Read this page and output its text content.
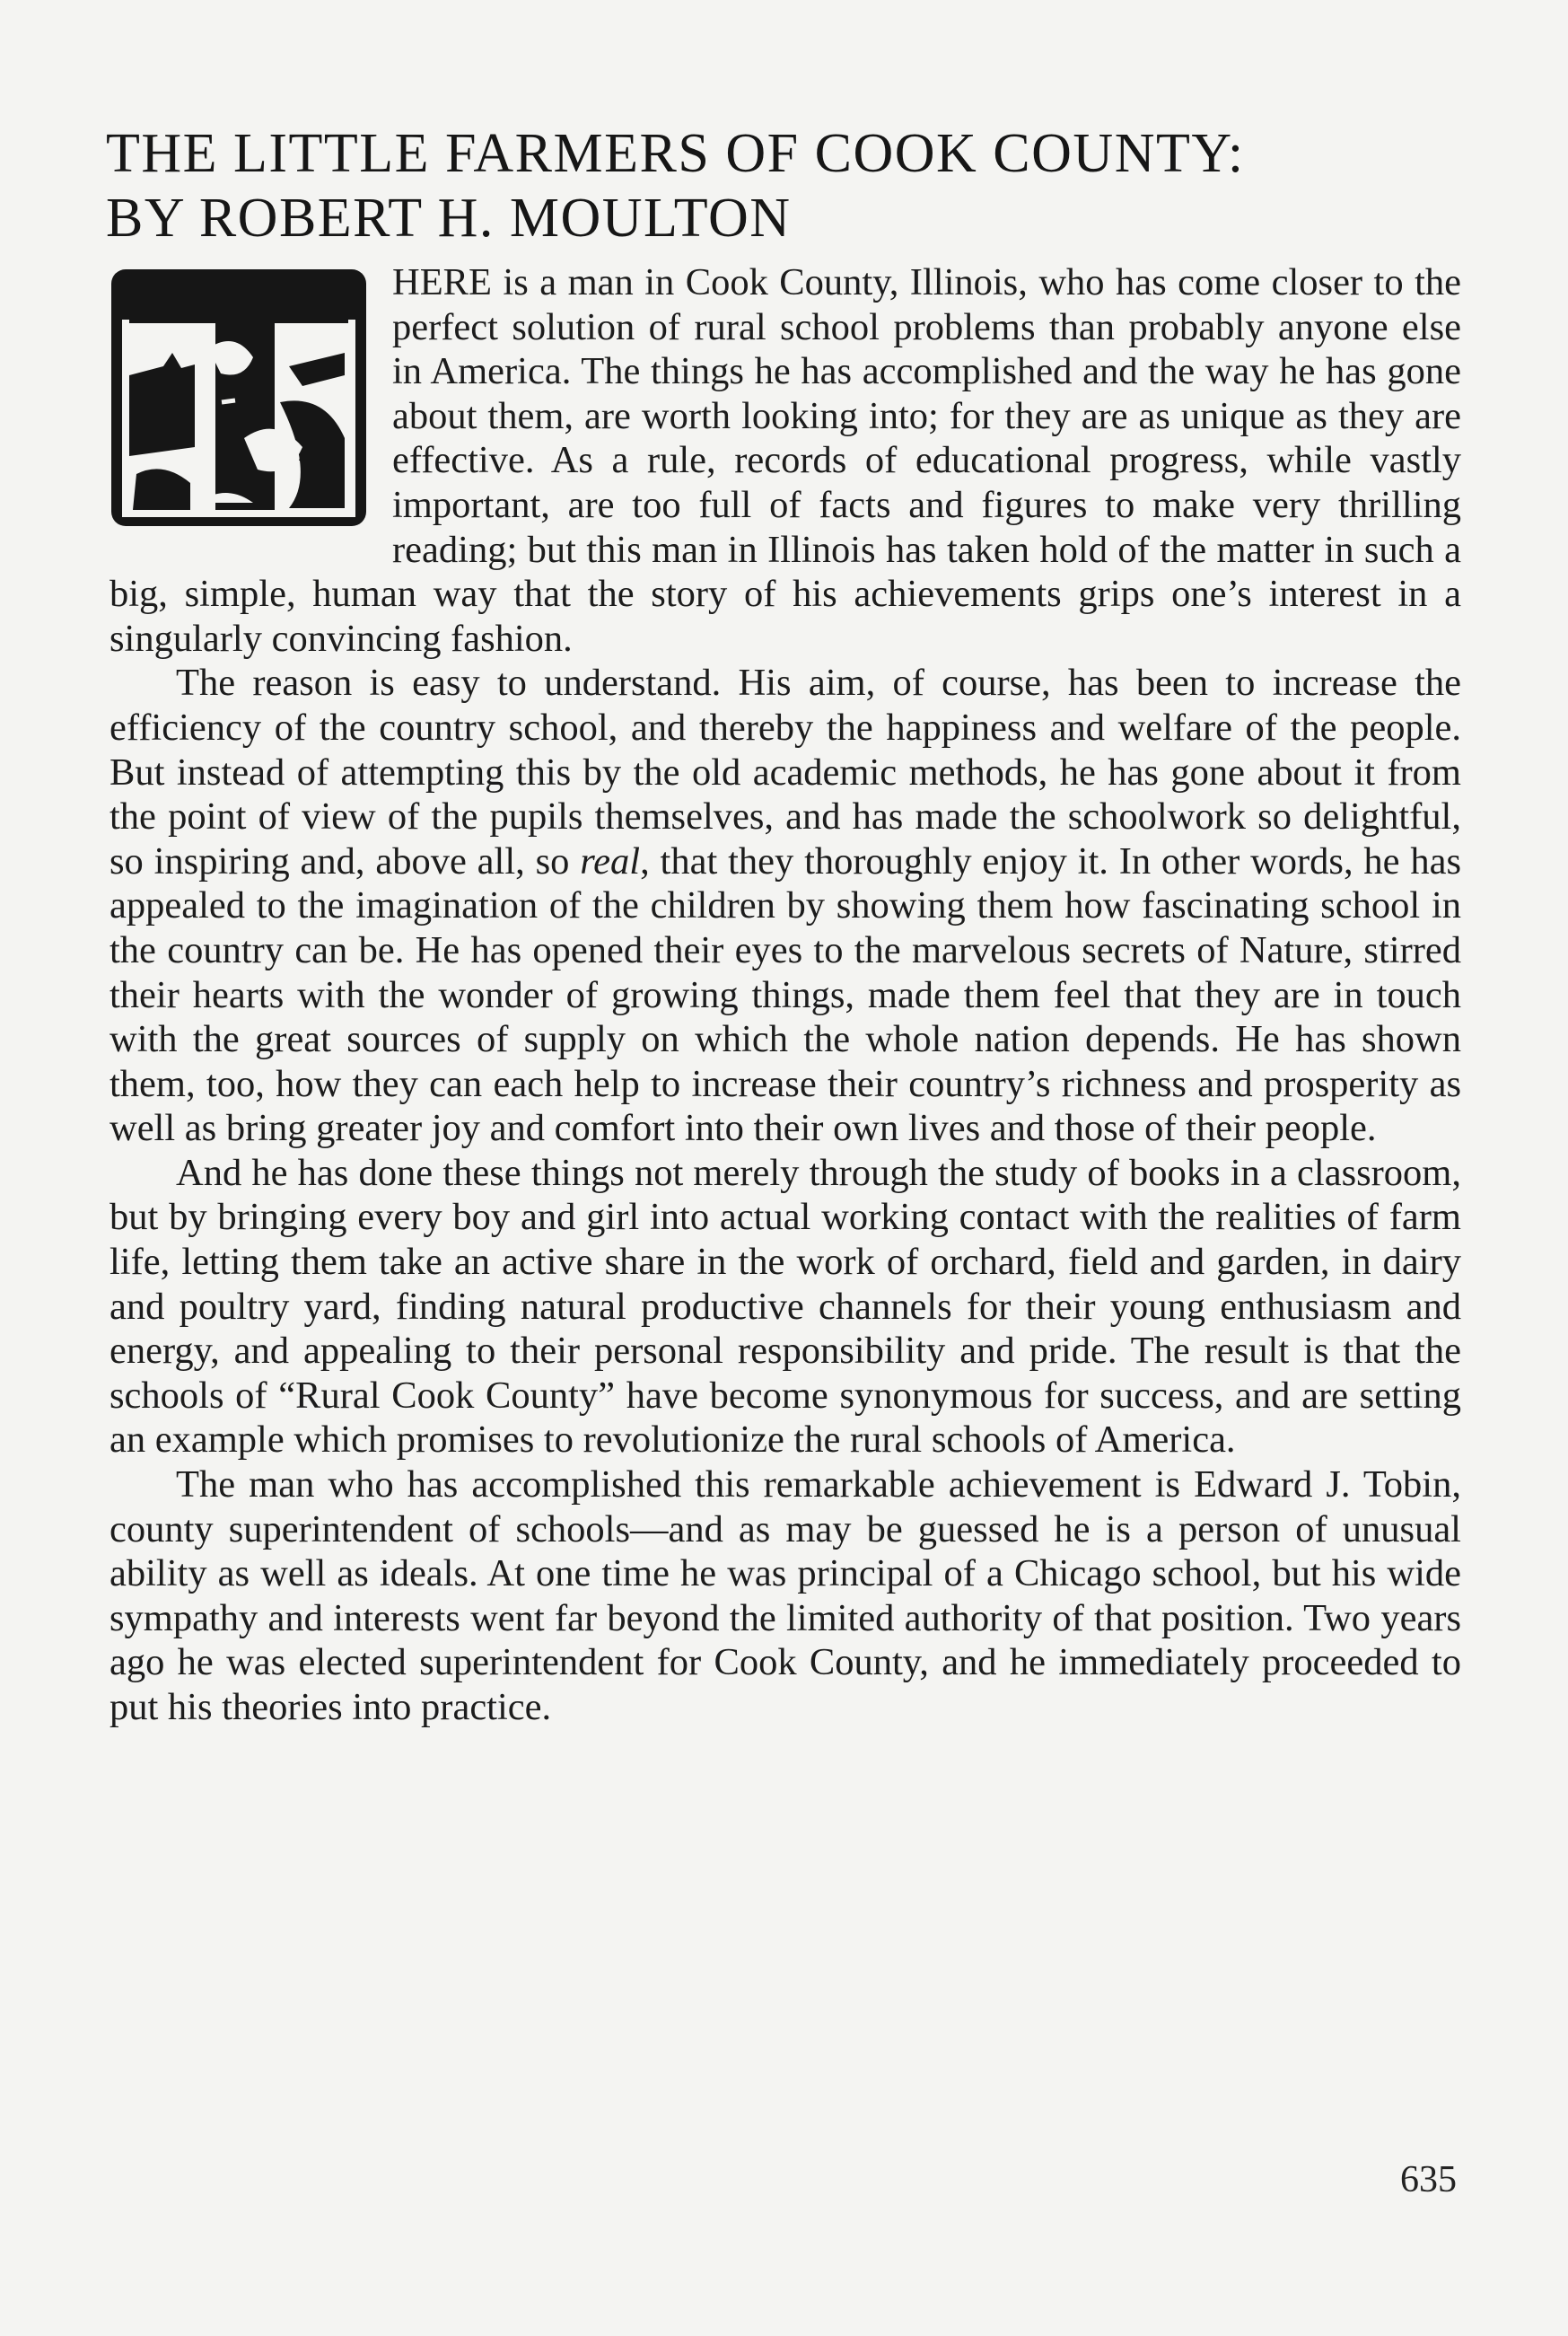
THE LITTLE FARMERS OF COOK COUNTY:
BY ROBERT H. MOULTON

HERE is a man in Cook County, Illinois, who has come closer to the perfect solution of rural school problems than probably anyone else in America. The things he has accomplished and the way he has gone about them, are worth looking into; for they are as unique as they are effective. As a rule, records of educational progress, while vastly important, are too full of facts and figures to make very thrilling reading; but this man in Illinois has taken hold of the matter in such a big, simple, human way that the story of his achievements grips one’s interest in a singularly convincing fashion.

The reason is easy to understand. His aim, of course, has been to increase the efficiency of the country school, and thereby the happiness and welfare of the people. But instead of attempting this by the old academic methods, he has gone about it from the point of view of the pupils themselves, and has made the schoolwork so delightful, so inspiring and, above all, so real, that they thoroughly enjoy it. In other words, he has appealed to the imagination of the children by showing them how fascinating school in the country can be. He has opened their eyes to the marvelous secrets of Nature, stirred their hearts with the wonder of growing things, made them feel that they are in touch with the great sources of supply on which the whole nation depends. He has shown them, too, how they can each help to increase their country’s richness and prosperity as well as bring greater joy and comfort into their own lives and those of their people.

And he has done these things not merely through the study of books in a classroom, but by bringing every boy and girl into actual working contact with the realities of farm life, letting them take an active share in the work of orchard, field and garden, in dairy and poultry yard, finding natural productive channels for their young enthusiasm and energy, and appealing to their personal responsibility and pride. The result is that the schools of “Rural Cook County” have become synonymous for success, and are setting an example which promises to revolutionize the rural schools of America.

The man who has accomplished this remarkable achievement is Edward J. Tobin, county superintendent of schools—and as may be guessed he is a person of unusual ability as well as ideals. At one time he was principal of a Chicago school, but his wide sympathy and interests went far beyond the limited authority of that position. Two years ago he was elected superintendent for Cook County, and he immediately proceeded to put his theories into practice.

635
